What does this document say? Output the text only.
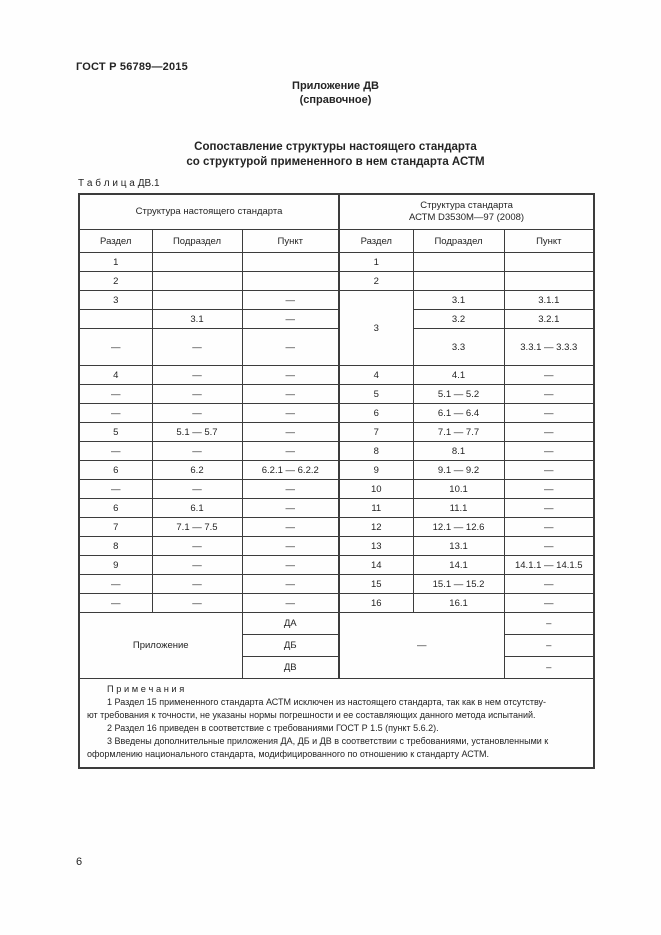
ГОСТ Р 56789—2015
Приложение ДВ
(справочное)
Сопоставление структуры настоящего стандарта
со структурой примененного в нем стандарта АСТМ
Т а б л и ц а ДВ.1
Структура настоящего стандарта			Структура стандарта
АСТМ D3530M—97 (2008)		
Раздел	Подраздел	Пункт	Раздел	Подраздел	Пункт
1			1		
2			2		
3		—	3	3.1	3.1.1
	3.1	—		3.2	3.2.1
—	—	—		3.3	3.3.1 — 3.3.3
4	—	—	4	4.1	—
—	—	—	5	5.1 — 5.2	—
—	—	—	6	6.1 — 6.4	—
5	5.1 — 5.7	—	7	7.1 — 7.7	—
—	—	—	8	8.1	—
6	6.2	6.2.1 — 6.2.2	9	9.1 — 9.2	—
—	—	—	10	10.1	—
6	6.1	—	11	11.1	—
7	7.1 — 7.5	—	12	12.1 — 12.6	—
8	—	—	13	13.1	—
9	—	—	14	14.1	14.1.1 — 14.1.5
—	—	—	15	15.1 — 15.2	—
—	—	—	16	16.1	—
Приложение		ДА	—		–
		ДБ			–
		ДВ			–

П р и м е ч а н и я
1 Раздел 15 примененного стандарта АСТМ исключен из настоящего стандарта, так как в нем отсутству-
ют требования к точности, не указаны нормы погрешности и ее составляющих данного метода испытаний.
2 Раздел 16 приведен в соответствие с требованиями ГОСТ Р 1.5 (пункт 5.6.2).
3 Введены дополнительные приложения ДА, ДБ и ДВ в соответствии с требованиями, установленными к
оформлению национального стандарта, модифицированного по отношению к стандарту АСТМ.
6
